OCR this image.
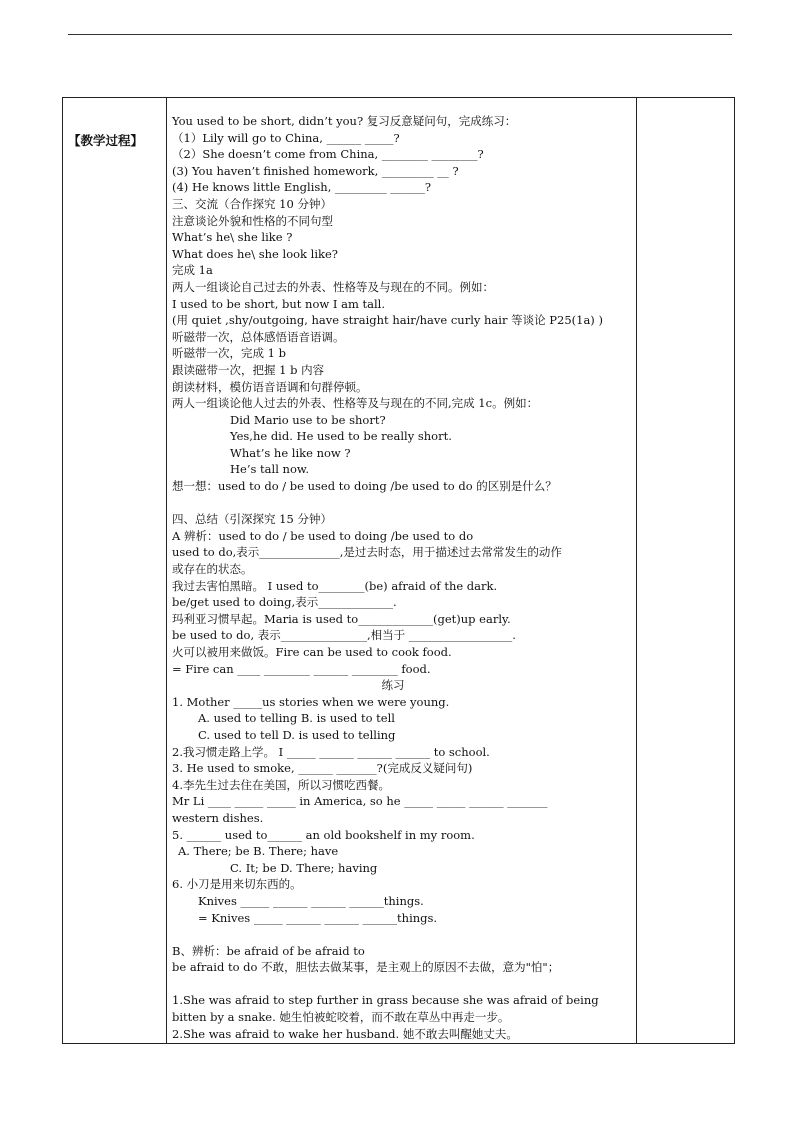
【教学过程】
You used to be short, didn’t you? 复习反意疑问句，完成练习：
（1）Lily will go to China, ______ _____?
（2）She doesn’t come from China, ________ ________?
(3) You haven’t finished homework, _________ __ ?
(4) He knows little English, _________ ______?
三、交流（合作探究 10 分钟）
注意谈论外貌和性格的不同句型
What’s he\ she like ?
What does he\ she look like?
完成 1a
两人一组谈论自己过去的外表、性格等及与现在的不同。例如：
I used to be short, but now I am tall.
(用 quiet ,shy/outgoing, have straight hair/have curly hair 等谈论 P25(1a) )
听磁带一次，总体感悟语音语调。
听磁带一次，完成 1 b
跟读磁带一次，把握 1 b 内容
朗读材料，模仿语音语调和句群停顿。
两人一组谈论他人过去的外表、性格等及与现在的不同,完成 1c。例如：
Did Mario use to be short?
Yes,he did. He used to be really short.
What’s he like now ?
He’s tall now.
想一想：used to do / be used to doing /be used to do 的区别是什么？
四、总结（引深探究 15 分钟）
A 辨析：used to do / be used to doing /be used to do
used to do,表示______________,是过去时态，用于描述过去常常发生的动作
或存在的状态。
我过去害怕黑暗。 I used to________(be) afraid of the dark.
be/get used to doing,表示_____________.
玛利亚习惯早起。Maria is used to_____________(get)up early.
be used to do, 表示_______________,相当于 __________________.
火可以被用来做饭。Fire can be used to cook food.
= Fire can ____ ________ ______ ________ food.
练习
1. Mother _____us stories when we were young.
A. used to telling B. is used to tell
C. used to tell D. is used to telling
2.我习惯走路上学。 I _____ ______ ______ ______ to school.
3. He used to smoke, ______ _______?(完成反义疑问句)
4.李先生过去住在美国，所以习惯吃西餐。
Mr Li ____ _____ _____ in America, so he _____ _____ ______ _______
western dishes.
5. ______ used to______ an old bookshelf in my room.
A. There; be B. There; have
C. It; be D. There; having
6. 小刀是用来切东西的。
Knives _____ ______ ______ ______things.
= Knives _____ ______ ______ ______things.
B、辨析：be afraid of be afraid to
be afraid to do 不敢，胆怯去做某事，是主观上的原因不去做，意为"怕"；
1.She was afraid to step further in grass because she was afraid of being
bitten by a snake. 她生怕被蛇咬着，而不敢在草丛中再走一步。
2.She was afraid to wake her husband. 她不敢去叫醒她丈夫。
